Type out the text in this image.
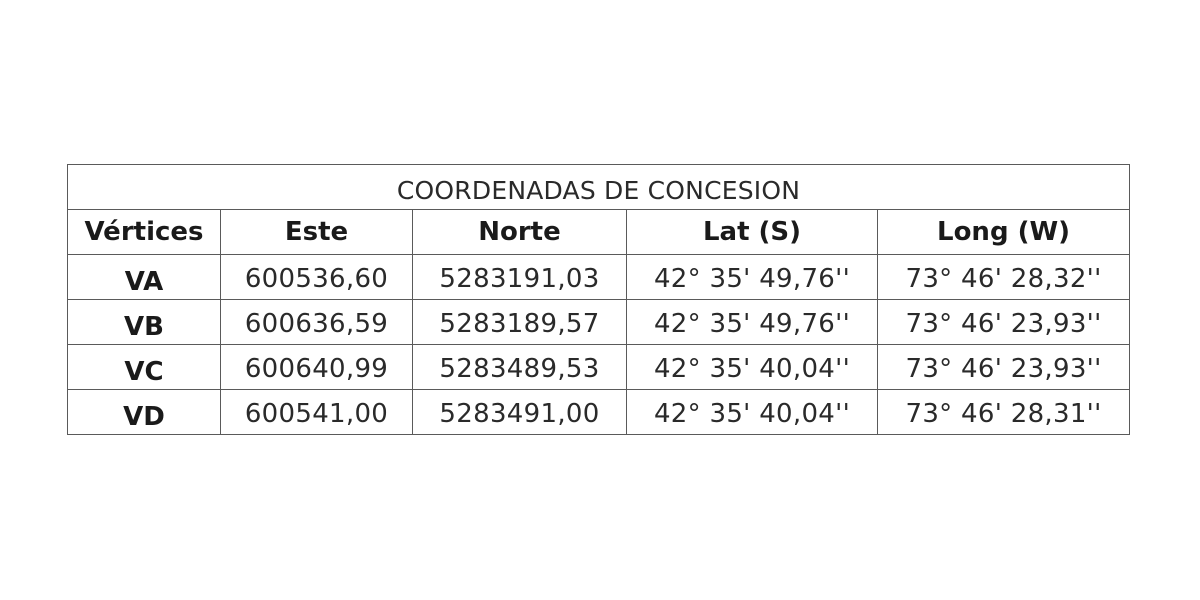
COORDENADAS DE CONCESION				
Vértices	Este	Norte	Lat (S)	Long (W)
VA	600536,60	5283191,03	42° 35' 49,76''	73° 46' 28,32''
VB	600636,59	5283189,57	42° 35' 49,76''	73° 46' 23,93''
VC	600640,99	5283489,53	42° 35' 40,04''	73° 46' 23,93''
VD	600541,00	5283491,00	42° 35' 40,04''	73° 46' 28,31''
